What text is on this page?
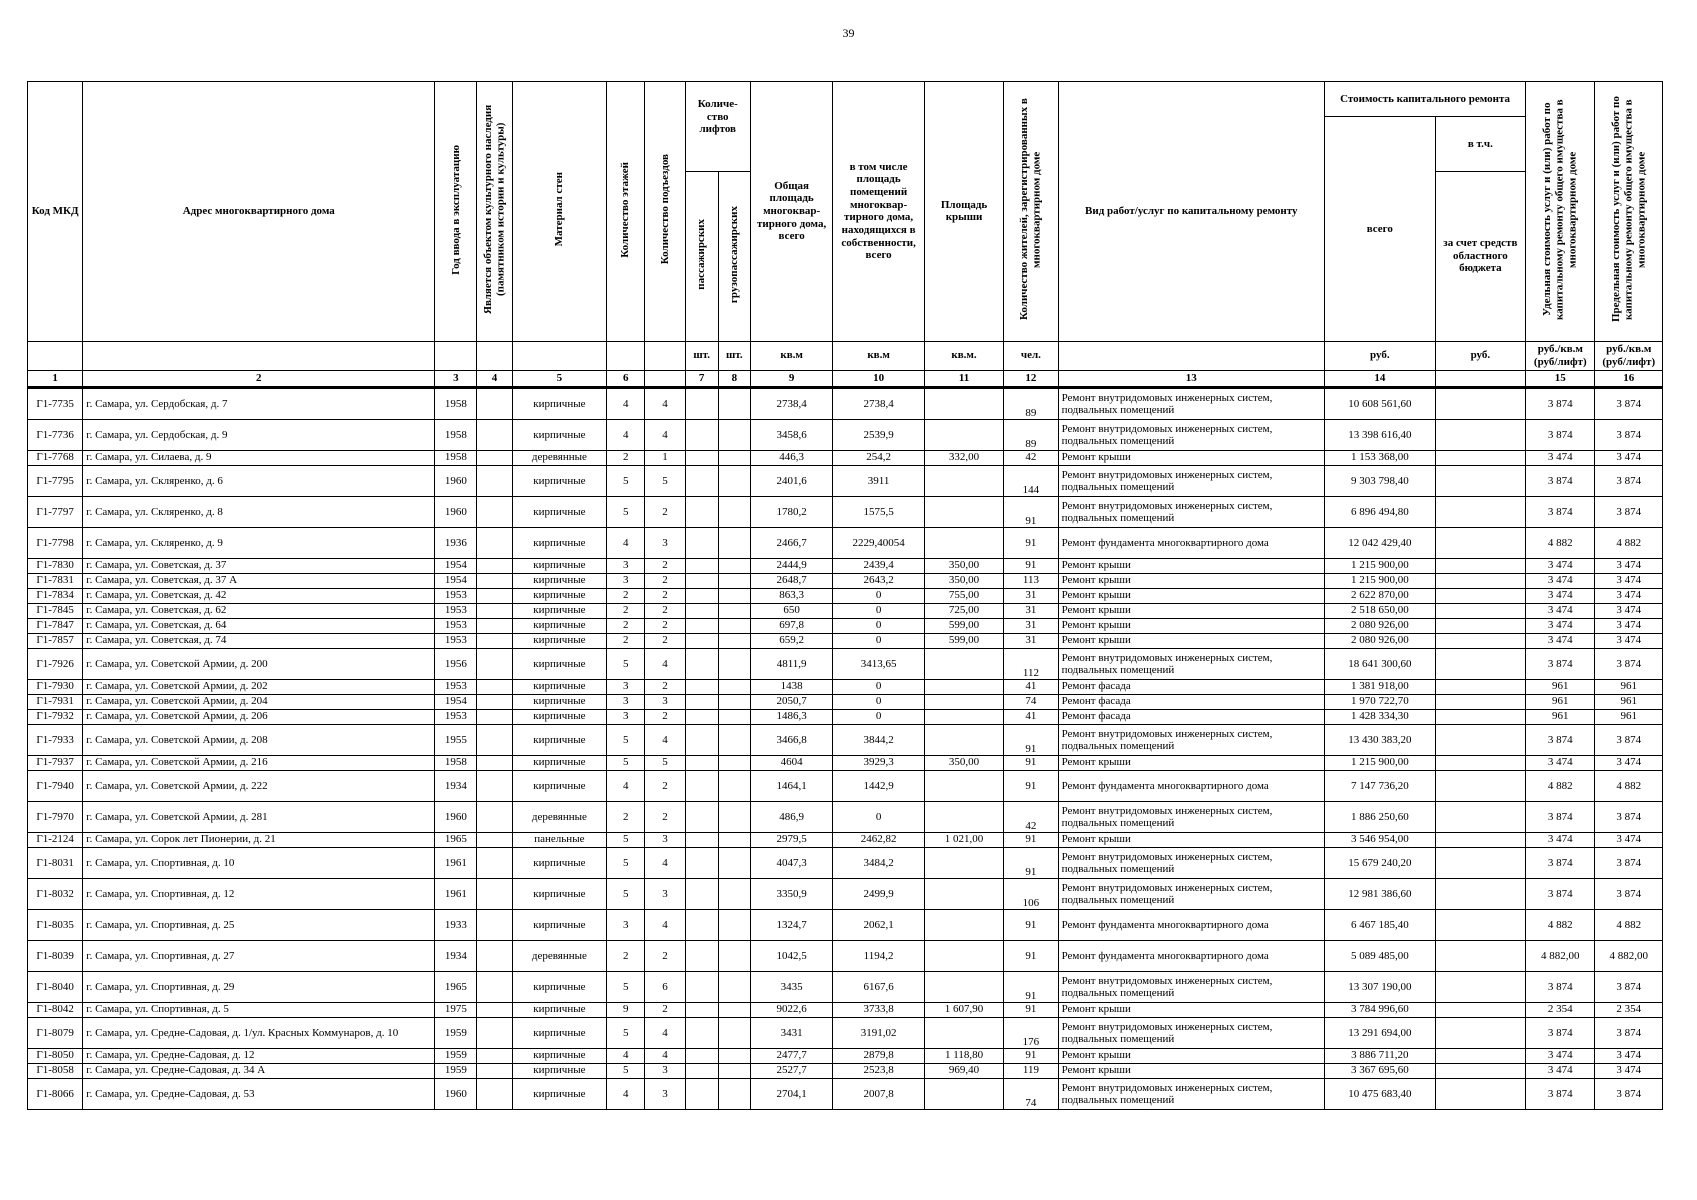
39
Код МКД	Адрес многоквартирного дома	Год ввода в эксплуатацию	Является объектом культурного наследия (памятником истории и культуры)	Материал стен	Количество этажей	Количество подъездов	Количе-ство лифтов		Общая площадь многоквар-тирного дома, всего	в том числе площадь помещений многоквар-тирного дома, находящихся в собственности, всего	Площадь крыши	Количество жителей, зарегистрированных в многоквартирном доме	Вид работ/услуг по капитальному ремонту	Стоимость капитального ремонта		Удельная стоимость услуг и (или) работ по капитальному ремонту общего имущества в многоквартирном доме	Предельная стоимость услуг и (или) работ по капитальному ремонту общего имущества в многоквартирном доме
														всего	в т.ч.		
							пассажирских	грузопассажирских							за счет средств областного бюджета		
							шт.	шт.	кв.м	кв.м	кв.м.	чел.		руб.	руб.	руб./кв.м (руб/лифт)	руб./кв.м (руб/лифт)
1	2	3	4	5	6		7	8	9	10	11	12	13	14		15	16
Г1-7735	г. Самара, ул. Сердобская, д. 7	1958		кирпичные	4	4			2738,4	2738,4		89	Ремонт внутридомовых инженерных систем, подвальных помещений	10 608 561,60		3 874	3 874
Г1-7736	г. Самара, ул. Сердобская, д. 9	1958		кирпичные	4	4			3458,6	2539,9		89	Ремонт внутридомовых инженерных систем, подвальных помещений	13 398 616,40		3 874	3 874
Г1-7768	г. Самара, ул. Силаева, д. 9	1958		деревянные	2	1			446,3	254,2	332,00	42	Ремонт крыши	1 153 368,00		3 474	3 474
Г1-7795	г. Самара, ул. Скляренко, д. 6	1960		кирпичные	5	5			2401,6	3911		144	Ремонт внутридомовых инженерных систем, подвальных помещений	9 303 798,40		3 874	3 874
Г1-7797	г. Самара, ул. Скляренко, д. 8	1960		кирпичные	5	2			1780,2	1575,5		91	Ремонт внутридомовых инженерных систем, подвальных помещений	6 896 494,80		3 874	3 874
Г1-7798	г. Самара, ул. Скляренко, д. 9	1936		кирпичные	4	3			2466,7	2229,40054		91	Ремонт фундамента многоквартирного дома	12 042 429,40		4 882	4 882
Г1-7830	г. Самара, ул. Советская, д. 37	1954		кирпичные	3	2			2444,9	2439,4	350,00	91	Ремонт крыши	1 215 900,00		3 474	3 474
Г1-7831	г. Самара, ул. Советская, д. 37 А	1954		кирпичные	3	2			2648,7	2643,2	350,00	113	Ремонт крыши	1 215 900,00		3 474	3 474
Г1-7834	г. Самара, ул. Советская, д. 42	1953		кирпичные	2	2			863,3	0	755,00	31	Ремонт крыши	2 622 870,00		3 474	3 474
Г1-7845	г. Самара, ул. Советская, д. 62	1953		кирпичные	2	2			650	0	725,00	31	Ремонт крыши	2 518 650,00		3 474	3 474
Г1-7847	г. Самара, ул. Советская, д. 64	1953		кирпичные	2	2			697,8	0	599,00	31	Ремонт крыши	2 080 926,00		3 474	3 474
Г1-7857	г. Самара, ул. Советская, д. 74	1953		кирпичные	2	2			659,2	0	599,00	31	Ремонт крыши	2 080 926,00		3 474	3 474
Г1-7926	г. Самара, ул. Советской Армии, д. 200	1956		кирпичные	5	4			4811,9	3413,65		112	Ремонт внутридомовых инженерных систем, подвальных помещений	18 641 300,60		3 874	3 874
Г1-7930	г. Самара, ул. Советской Армии, д. 202	1953		кирпичные	3	2			1438	0		41	Ремонт фасада	1 381 918,00		961	961
Г1-7931	г. Самара, ул. Советской Армии, д. 204	1954		кирпичные	3	3			2050,7	0		74	Ремонт фасада	1 970 722,70		961	961
Г1-7932	г. Самара, ул. Советской Армии, д. 206	1953		кирпичные	3	2			1486,3	0		41	Ремонт фасада	1 428 334,30		961	961
Г1-7933	г. Самара, ул. Советской Армии, д. 208	1955		кирпичные	5	4			3466,8	3844,2		91	Ремонт внутридомовых инженерных систем, подвальных помещений	13 430 383,20		3 874	3 874
Г1-7937	г. Самара, ул. Советской Армии, д. 216	1958		кирпичные	5	5			4604	3929,3	350,00	91	Ремонт крыши	1 215 900,00		3 474	3 474
Г1-7940	г. Самара, ул. Советской Армии, д. 222	1934		кирпичные	4	2			1464,1	1442,9		91	Ремонт фундамента многоквартирного дома	7 147 736,20		4 882	4 882
Г1-7970	г. Самара, ул. Советской Армии, д. 281	1960		деревянные	2	2			486,9	0		42	Ремонт внутридомовых инженерных систем, подвальных помещений	1 886 250,60		3 874	3 874
Г1-2124	г. Самара, ул. Сорок лет Пионерии, д. 21	1965		панельные	5	3			2979,5	2462,82	1 021,00	91	Ремонт крыши	3 546 954,00		3 474	3 474
Г1-8031	г. Самара, ул. Спортивная, д. 10	1961		кирпичные	5	4			4047,3	3484,2		91	Ремонт внутридомовых инженерных систем, подвальных помещений	15 679 240,20		3 874	3 874
Г1-8032	г. Самара, ул. Спортивная, д. 12	1961		кирпичные	5	3			3350,9	2499,9		106	Ремонт внутридомовых инженерных систем, подвальных помещений	12 981 386,60		3 874	3 874
Г1-8035	г. Самара, ул. Спортивная, д. 25	1933		кирпичные	3	4			1324,7	2062,1		91	Ремонт фундамента многоквартирного дома	6 467 185,40		4 882	4 882
Г1-8039	г. Самара, ул. Спортивная, д. 27	1934		деревянные	2	2			1042,5	1194,2		91	Ремонт фундамента многоквартирного дома	5 089 485,00		4 882,00	4 882,00
Г1-8040	г. Самара, ул. Спортивная, д. 29	1965		кирпичные	5	6			3435	6167,6		91	Ремонт внутридомовых инженерных систем, подвальных помещений	13 307 190,00		3 874	3 874
Г1-8042	г. Самара, ул. Спортивная, д. 5	1975		кирпичные	9	2			9022,6	3733,8	1 607,90	91	Ремонт крыши	3 784 996,60		2 354	2 354
Г1-8079	г. Самара, ул. Средне-Садовая, д. 1/ул. Красных Коммунаров, д. 10	1959		кирпичные	5	4			3431	3191,02		176	Ремонт внутридомовых инженерных систем, подвальных помещений	13 291 694,00		3 874	3 874
Г1-8050	г. Самара, ул. Средне-Садовая, д. 12	1959		кирпичные	4	4			2477,7	2879,8	1 118,80	91	Ремонт крыши	3 886 711,20		3 474	3 474
Г1-8058	г. Самара, ул. Средне-Садовая, д. 34 А	1959		кирпичные	5	3			2527,7	2523,8	969,40	119	Ремонт крыши	3 367 695,60		3 474	3 474
Г1-8066	г. Самара, ул. Средне-Садовая, д. 53	1960		кирпичные	4	3			2704,1	2007,8		74	Ремонт внутридомовых инженерных систем, подвальных помещений	10 475 683,40		3 874	3 874
